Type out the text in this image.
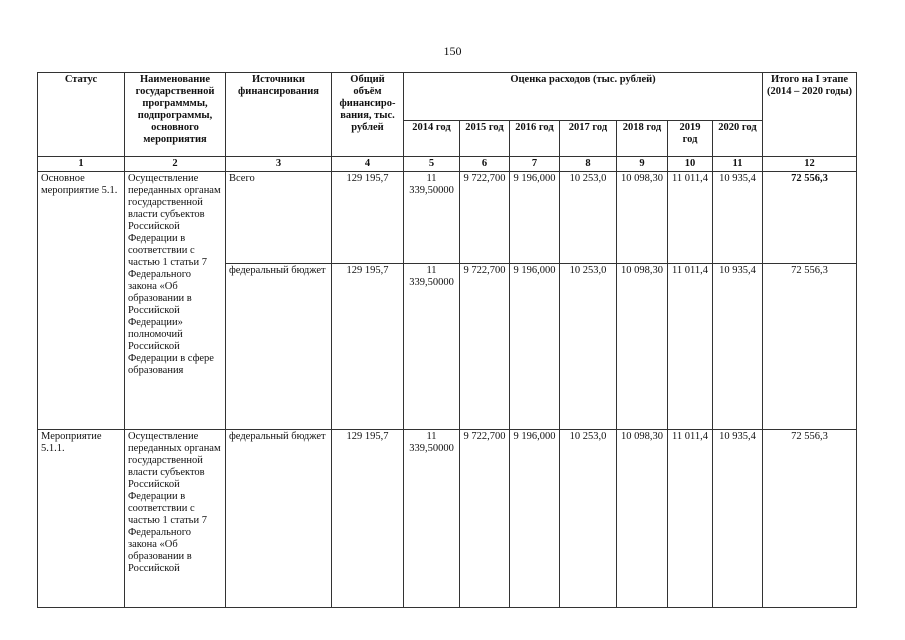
150
Статус	Наименование государственной программмы, подпрограммы, основного мероприятия	Источники финансирования	Общий объём финансиро-вания, тыс. рублей	Оценка расходов (тыс. рублей)							Итого на I этапе (2014 – 2020 годы)
				2014 год	2015 год	2016 год	2017 год	2018 год	2019 год	2020 год	
1	2	3	4	5	6	7	8	9	10	11	12
Основное мероприятие 5.1.	Осуществление переданных органам государственной власти субъектов Российской Федерации в соответствии с частью 1 статьи 7 Федерального закона «Об образовании в Российской Федерации» полномочий Российской Федерации в сфере образования	Всего	129 195,7	11 339,50000	9 722,700	9 196,000	10 253,0	10 098,30	11 011,4	10 935,4	72 556,3
		федеральный бюджет	129 195,7	11 339,50000	9 722,700	9 196,000	10 253,0	10 098,30	11 011,4	10 935,4	72 556,3
Мероприятие 5.1.1.	Осуществление переданных органам государственной власти субъектов Российской Федерации в соответствии с частью 1 статьи 7 Федерального закона «Об образовании в Российской	федеральный бюджет	129 195,7	11 339,50000	9 722,700	9 196,000	10 253,0	10 098,30	11 011,4	10 935,4	72 556,3
